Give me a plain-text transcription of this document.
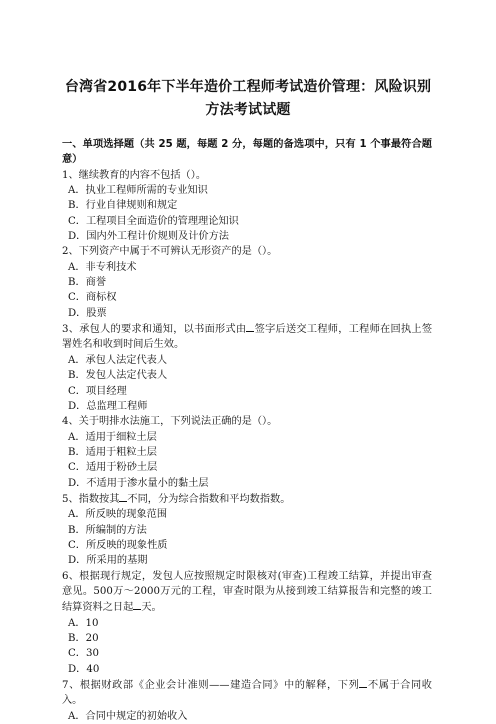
台湾省2016年下半年造价工程师考试造价管理：风险识别
方法考试试题
一、单项选择题（共 25 题，每题 2 分，每题的备选项中，只有 1 个事最符合题意）
1、继续教育的内容不包括（）。
A．执业工程师所需的专业知识
B．行业自律规则和规定
C．工程项目全面造价的管理理论知识
D．国内外工程计价规则及计价方法
2、下列资产中属于不可辨认无形资产的是（）。
A．非专利技术
B．商誉
C．商标权
D．股票
3、承包人的要求和通知，以书面形式由 签字后送交工程师，工程师在回执上签署姓名和收到时间后生效。
A．承包人法定代表人
B．发包人法定代表人
C．项目经理
D．总监理工程师
4、关于明排水法施工，下列说法正确的是（）。
A．适用于细粒土层
B．适用于粗粒土层
C．适用于粉砂土层
D．不适用于渗水量小的黏土层
5、指数按其 不同，分为综合指数和平均数指数。
A．所反映的现象范围
B．所编制的方法
C．所反映的现象性质
D．所采用的基期
6、根据现行规定，发包人应按照规定时限核对(审查)工程竣工结算，并提出审查意见。500万～2000万元的工程，审查时限为从接到竣工结算报告和完整的竣工结算资料之日起 天。
A．10
B．20
C．30
D．40
7、根据财政部《企业会计准则——建造合同》中的解释，下列 不属于合同收入。
A．合同中规定的初始收入
